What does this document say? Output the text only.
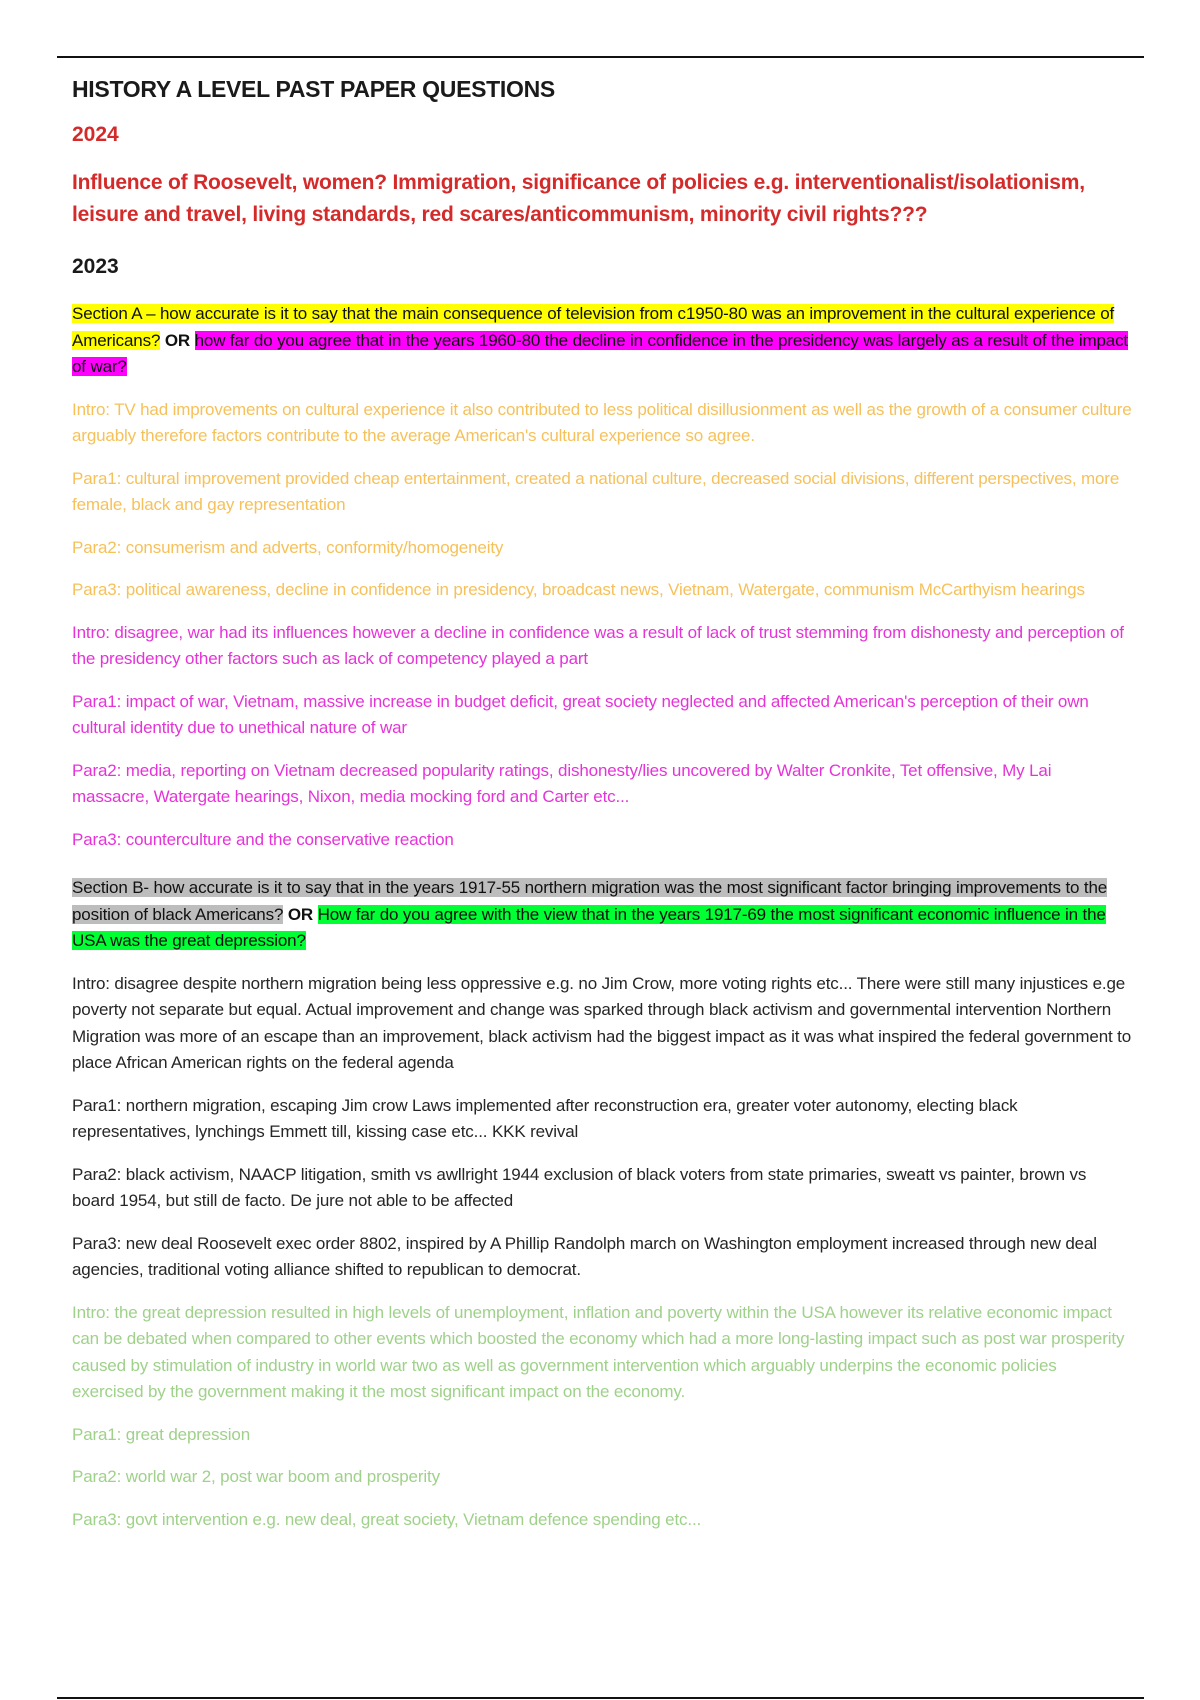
HISTORY A LEVEL PAST PAPER QUESTIONS
2024
Influence of Roosevelt, women? Immigration, significance of policies e.g. interventionalist/isolationism, leisure and travel, living standards, red scares/anticommunism, minority civil rights???
2023
Section A – how accurate is it to say that the main consequence of television from c1950-80 was an improvement in the cultural experience of Americans? OR how far do you agree that in the years 1960-80 the decline in confidence in the presidency was largely as a result of the impact of war?
Intro: TV had improvements on cultural experience it also contributed to less political disillusionment as well as the growth of a consumer culture arguably therefore factors contribute to the average American's cultural experience so agree.
Para1: cultural improvement provided cheap entertainment, created a national culture, decreased social divisions, different perspectives, more female, black and gay representation
Para2: consumerism and adverts, conformity/homogeneity
Para3: political awareness, decline in confidence in presidency, broadcast news, Vietnam, Watergate, communism McCarthyism hearings
Intro: disagree, war had its influences however a decline in confidence was a result of lack of trust stemming from dishonesty and perception of the presidency other factors such as lack of competency played a part
Para1: impact of war, Vietnam, massive increase in budget deficit, great society neglected and affected American's perception of their own cultural identity due to unethical nature of war
Para2: media, reporting on Vietnam decreased popularity ratings, dishonesty/lies uncovered by Walter Cronkite, Tet offensive, My Lai massacre, Watergate hearings, Nixon, media mocking ford and Carter etc...
Para3: counterculture and the conservative reaction
Section B- how accurate is it to say that in the years 1917-55 northern migration was the most significant factor bringing improvements to the position of black Americans? OR How far do you agree with the view that in the years 1917-69 the most significant economic influence in the USA was the great depression?
Intro: disagree despite northern migration being less oppressive e.g. no Jim Crow, more voting rights etc... There were still many injustices e.ge poverty not separate but equal. Actual improvement and change was sparked through black activism and governmental intervention Northern Migration was more of an escape than an improvement, black activism had the biggest impact as it was what inspired the federal government to place African American rights on the federal agenda
Para1: northern migration, escaping Jim crow Laws implemented after reconstruction era, greater voter autonomy, electing black representatives, lynchings Emmett till, kissing case etc... KKK revival
Para2: black activism, NAACP litigation, smith vs awllright 1944 exclusion of black voters from state primaries, sweatt vs painter, brown vs board 1954, but still de facto. De jure not able to be affected
Para3: new deal Roosevelt exec order 8802, inspired by A Phillip Randolph march on Washington employment increased through new deal agencies, traditional voting alliance shifted to republican to democrat.
Intro: the great depression resulted in high levels of unemployment, inflation and poverty within the USA however its relative economic impact can be debated when compared to other events which boosted the economy which had a more long-lasting impact such as post war prosperity caused by stimulation of industry in world war two as well as government intervention which arguably underpins the economic policies exercised by the government making it the most significant impact on the economy.
Para1: great depression
Para2: world war 2, post war boom and prosperity
Para3: govt intervention e.g. new deal, great society, Vietnam defence spending etc...
